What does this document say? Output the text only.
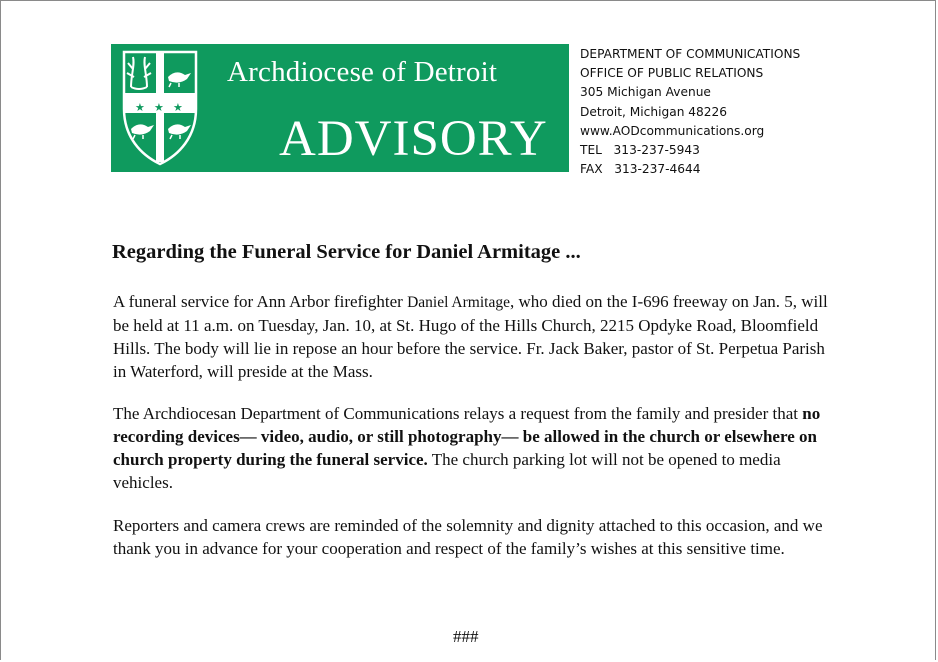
★ ★ ★
Archdiocese of Detroit
ADVISORY
DEPARTMENT OF COMMUNICATIONS
OFFICE OF PUBLIC RELATIONS
305 Michigan Avenue
Detroit, Michigan 48226
www.AODcommunications.org
TEL   313-237-5943
FAX   313-237-4644
Regarding the Funeral Service for Daniel Armitage ...

A funeral service for Ann Arbor firefighter Daniel Armitage, who died on the I-696 freeway on Jan. 5, will be held at 11 a.m. on Tuesday, Jan. 10, at St. Hugo of the Hills Church, 2215 Opdyke Road, Bloomfield Hills. The body will lie in repose an hour before the service. Fr. Jack Baker, pastor of St. Perpetua Parish in Waterford, will preside at the Mass.

The Archdiocesan Department of Communications relays a request from the family and presider that no recording devices— video, audio, or still photography— be allowed in the church or elsewhere on church property during the funeral service. The church parking lot will not be opened to media vehicles.

Reporters and camera crews are reminded of the solemnity and dignity attached to this occasion, and we thank you in advance for your cooperation and respect of the family’s wishes at this sensitive time.

###
